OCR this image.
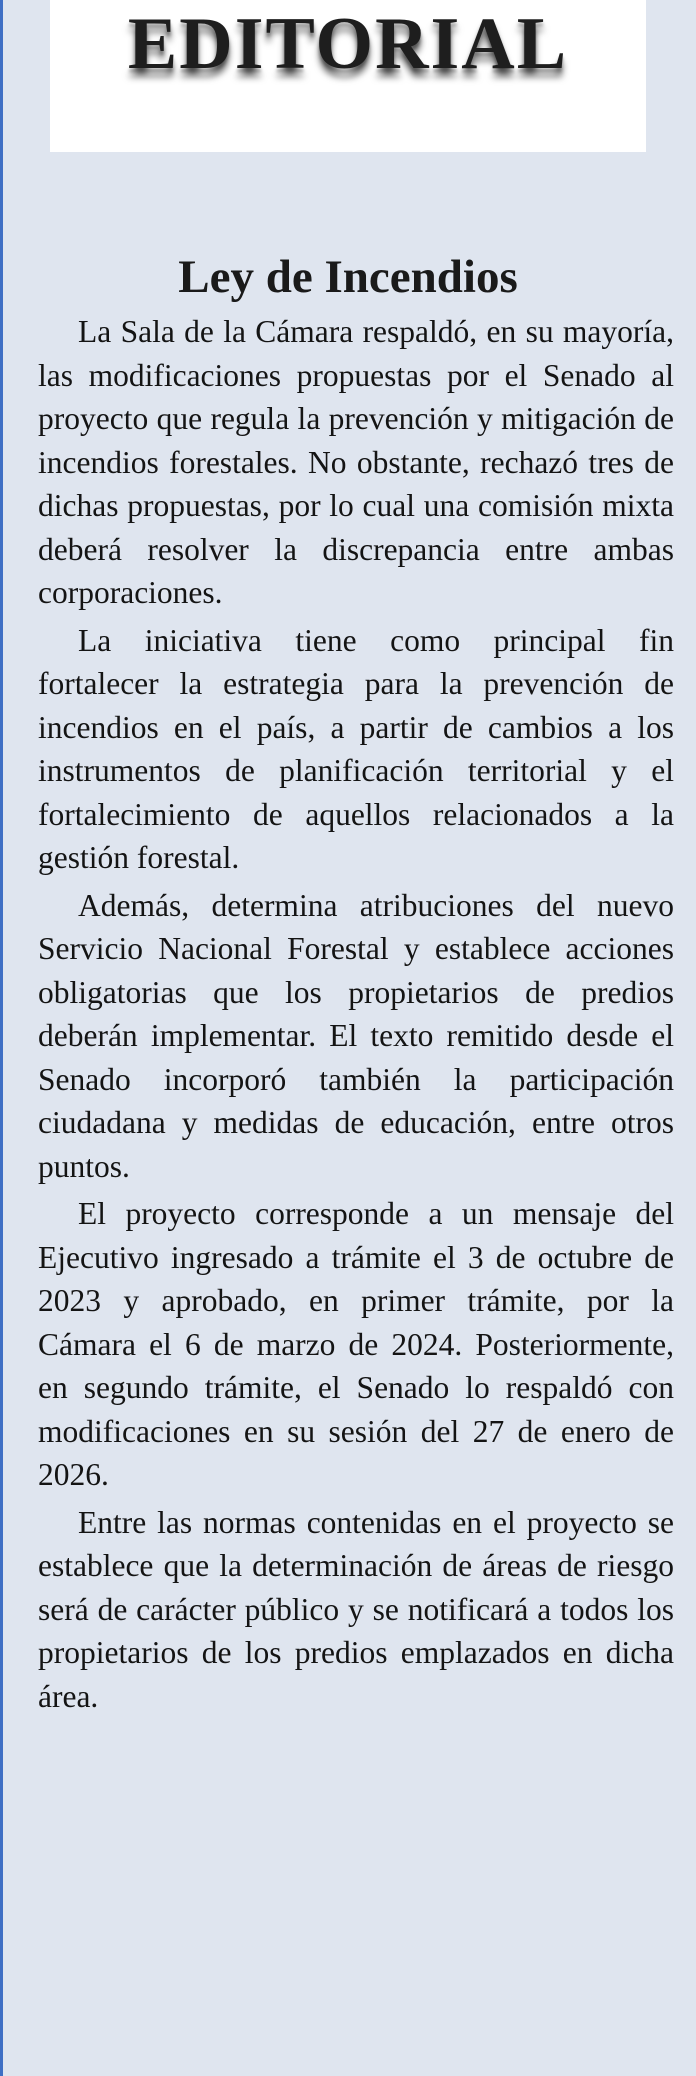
EDITORIAL
Ley de Incendios

La Sala de la Cámara respaldó, en su mayoría, las modificaciones propuestas por el Senado al proyecto que regula la prevención y mitigación de incendios forestales. No obstante, rechazó tres de dichas propuestas, por lo cual una comisión mixta deberá resolver la discrepancia entre ambas corporaciones.

La iniciativa tiene como principal fin fortalecer la estrategia para la prevención de incendios en el país, a partir de cambios a los instrumentos de planificación territorial y el fortalecimiento de aquellos relacionados a la gestión forestal.

Además, determina atribuciones del nuevo Servicio Nacional Forestal y establece acciones obligatorias que los propietarios de predios deberán implementar. El texto remitido desde el Senado incorporó también la participación ciudadana y medidas de educación, entre otros puntos.

El proyecto corresponde a un mensaje del Ejecutivo ingresado a trámite el 3 de octubre de 2023 y aprobado, en primer trámite, por la Cámara el 6 de marzo de 2024. Posteriormente, en segundo trámite, el Senado lo respaldó con modificaciones en su sesión del 27 de enero de 2026.

Entre las normas contenidas en el proyecto se establece que la determinación de áreas de riesgo será de carácter público y se notificará a todos los propietarios de los predios emplazados en dicha área.
